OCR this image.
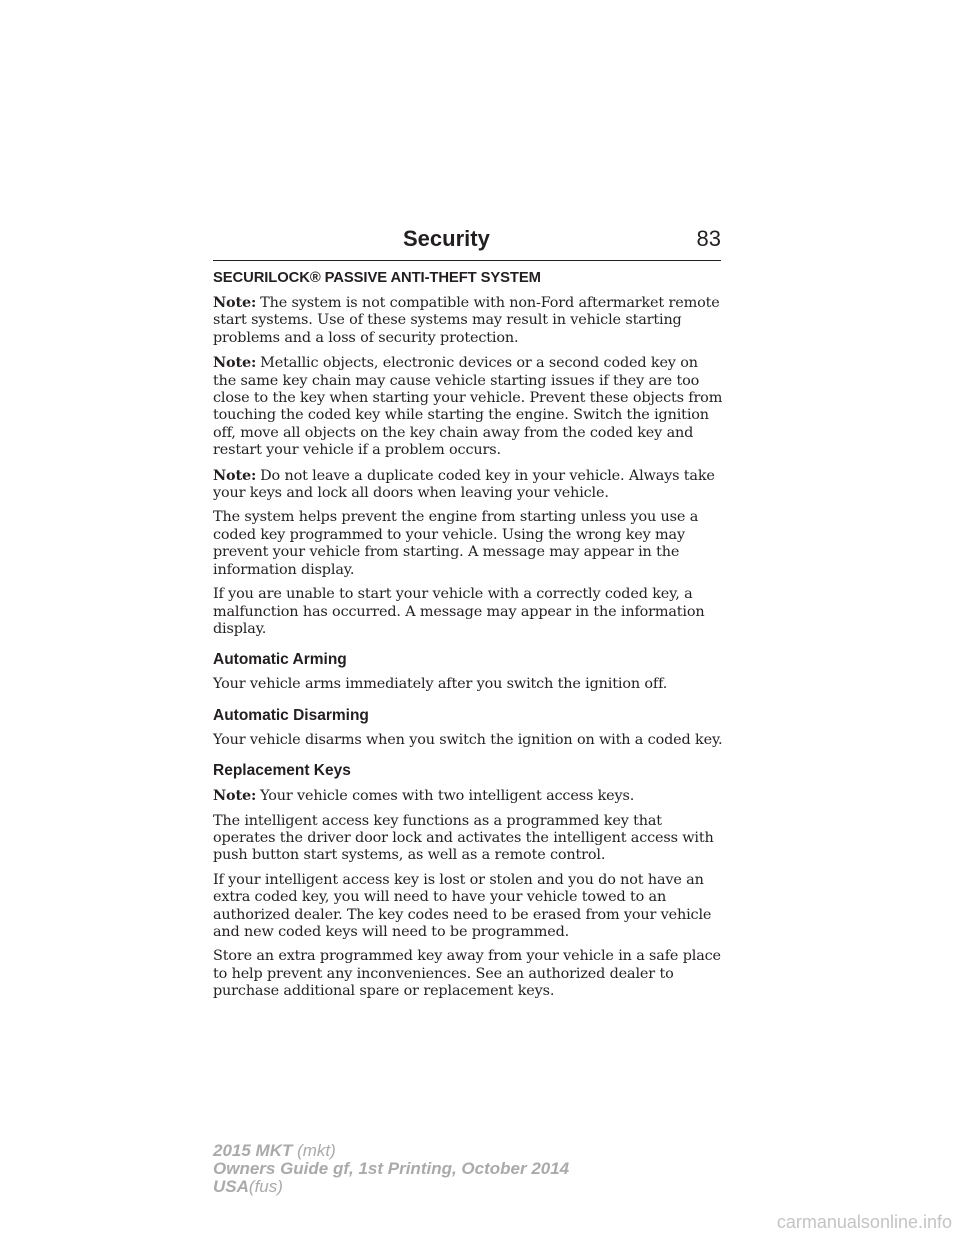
Security	83
SECURILOCK® PASSIVE ANTI-THEFT SYSTEM

Note: The system is not compatible with non-Ford aftermarket remote start systems. Use of these systems may result in vehicle starting problems and a loss of security protection.

Note: Metallic objects, electronic devices or a second coded key on the same key chain may cause vehicle starting issues if they are too close to the key when starting your vehicle. Prevent these objects from touching the coded key while starting the engine. Switch the ignition off, move all objects on the key chain away from the coded key and restart your vehicle if a problem occurs.

Note: Do not leave a duplicate coded key in your vehicle. Always take your keys and lock all doors when leaving your vehicle.

The system helps prevent the engine from starting unless you use a coded key programmed to your vehicle. Using the wrong key may prevent your vehicle from starting. A message may appear in the information display.

If you are unable to start your vehicle with a correctly coded key, a malfunction has occurred. A message may appear in the information display.

Automatic Arming

Your vehicle arms immediately after you switch the ignition off.

Automatic Disarming

Your vehicle disarms when you switch the ignition on with a coded key.

Replacement Keys

Note: Your vehicle comes with two intelligent access keys.

The intelligent access key functions as a programmed key that operates the driver door lock and activates the intelligent access with push button start systems, as well as a remote control.

If your intelligent access key is lost or stolen and you do not have an extra coded key, you will need to have your vehicle towed to an authorized dealer. The key codes need to be erased from your vehicle and new coded keys will need to be programmed.

Store an extra programmed key away from your vehicle in a safe place to help prevent any inconveniences. See an authorized dealer to purchase additional spare or replacement keys.

2015 MKT (mkt)
Owners Guide gf, 1st Printing, October 2014
USA(fus)
carmanualsonline.info
